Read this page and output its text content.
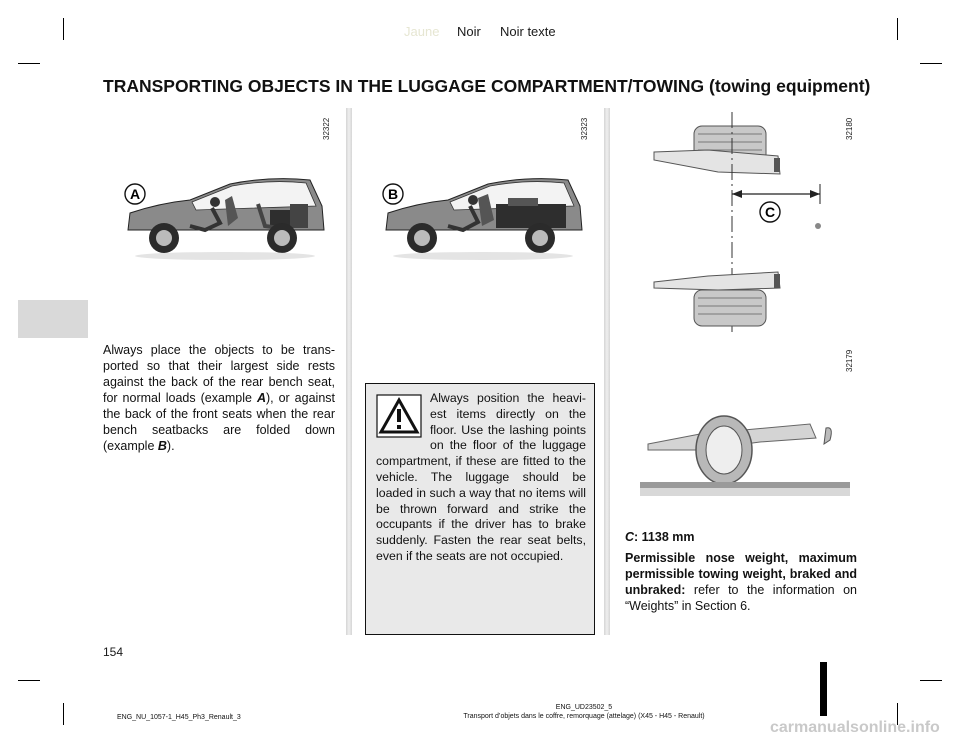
Jaune Noir Noir texte
TRANSPORTING OBJECTS IN THE LUGGAGE COMPARTMENT/TOWING (towing equipment)
32322	32323	32180
32179
A	B
C

Always place the objects to be trans-ported so that their largest side rests against the back of the rear bench seat, for normal loads (example A), or against the back of the front seats when the rear bench seatbacks are folded down (example B).

Always position the heavi-est items directly on the floor. Use the lashing points on the floor of the luggage compartment, if these are fitted to the vehicle. The luggage should be loaded in such a way that no items will be thrown forward and strike the occupants if the driver has to brake suddenly. Fasten the rear seat belts, even if the seats are not occupied.

C: 1138 mm

Permissible nose weight, maximum permissible towing weight, braked and unbraked: refer to the information on “Weights” in Section 6.

154
ENG_NU_1057-1_H45_Ph3_Renault_3
ENG_UD23502_5
Transport d’objets dans le coffre, remorquage (attelage) (X45 - H45 - Renault)
carmanualsonline.info
